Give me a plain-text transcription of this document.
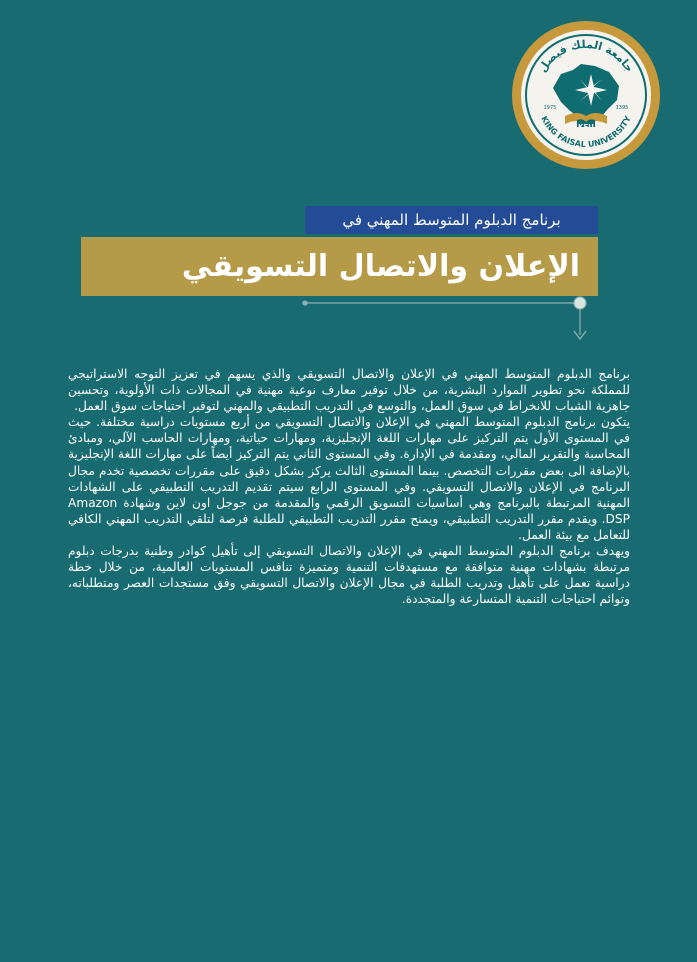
جامعة الملك فيصل
KING FAISAL UNIVERSITY
KFU
1975	1395
برنامج الدبلوم المتوسط المهني في
الإعلان والاتصال التسويقي

برنامج الدبلوم المتوسط المهني في الإعلان والاتصال التسويقي والذي يسهم في تعزيز التوجه الاستراتيجي للمملكة نحو تطوير الموارد البشرية، من خلال توفير معارف نوعية مهنية في المجالات ذات الأولوية، وتحسين جاهزية الشباب للانخراط في سوق العمل، والتوسع في التدريب التطبيقي والمهني لتوفير احتياجات سوق العمل.

يتكون برنامج الدبلوم المتوسط المهني في الإعلان والاتصال التسويقي من أربع مستويات دراسية مختلفة. حيث في المستوى الأول يتم التركيز على مهارات اللغة الإنجليزية، ومهارات حياتية، ومهارات الحاسب الآلي، ومبادئ المحاسبة والتقرير المالي، ومقدمة في الإدارة. وفي المستوى الثاني يتم التركيز أيضاً على مهارات اللغة الإنجليزية بالإضافة الى بعض مقررات التخصص. بينما المستوى الثالث يركز بشكل دقيق على مقررات تخصصية تخدم مجال البرنامج في الإعلان والاتصال التسويقي. وفي المستوى الرابع سيتم تقديم التدريب التطبيقي على الشهادات المهنية المرتبطة بالبرنامج وهي أساسيات التسويق الرقمي والمقدمة من جوجل اون لاين وشهادة Amazon DSP. ويقدم مقرر التدريب التطبيقي، ويمنح مقرر التدريب التطبيقي للطلبة فرصة لتلقي التدريب المهني الكافي للتعامل مع بيئة العمل.

ويهدف برنامج الدبلوم المتوسط المهني في الإعلان والاتصال التسويقي إلى تأهيل كوادر وطنية بدرجات دبلوم مرتبطة بشهادات مهنية متوافقة مع مستهدفات التنمية ومتميزة تنافس المستويات العالمية، من خلال خطة دراسية تعمل على تأهيل وتدريب الطلبة في مجال الإعلان والاتصال التسويقي وفق مستجدات العصر ومتطلباته، وتوائم احتياجات التنمية المتسارعة والمتجددة.
